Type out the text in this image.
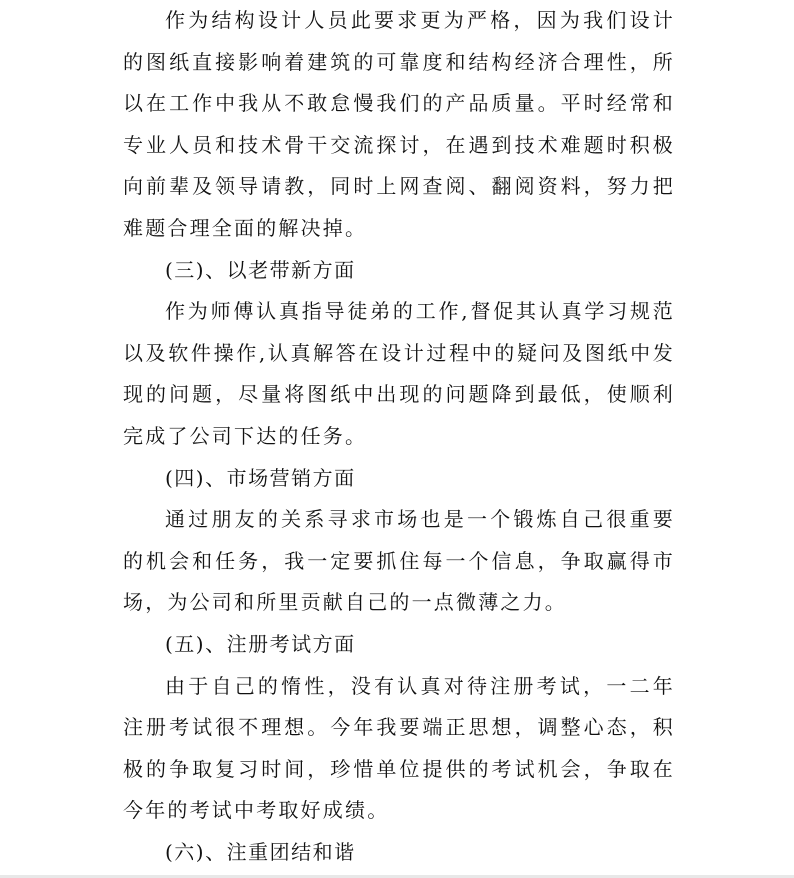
作为结构设计人员此要求更为严格，因为我们设计的图纸直接影响着建筑的可靠度和结构经济合理性，所以在工作中我从不敢怠慢我们的产品质量。平时经常和专业人员和技术骨干交流探讨，在遇到技术难题时积极向前辈及领导请教，同时上网查阅、翻阅资料，努力把难题合理全面的解决掉。

(三)、以老带新方面

作为师傅认真指导徒弟的工作,督促其认真学习规范以及软件操作,认真解答在设计过程中的疑问及图纸中发现的问题，尽量将图纸中出现的问题降到最低，使顺利完成了公司下达的任务。

(四)、市场营销方面

通过朋友的关系寻求市场也是一个锻炼自己很重要的机会和任务，我一定要抓住每一个信息，争取赢得市场，为公司和所里贡献自己的一点微薄之力。

(五)、注册考试方面

由于自己的惰性，没有认真对待注册考试，一二年注册考试很不理想。今年我要端正思想，调整心态，积极的争取复习时间，珍惜单位提供的考试机会，争取在今年的考试中考取好成绩。

(六)、注重团结和谐
